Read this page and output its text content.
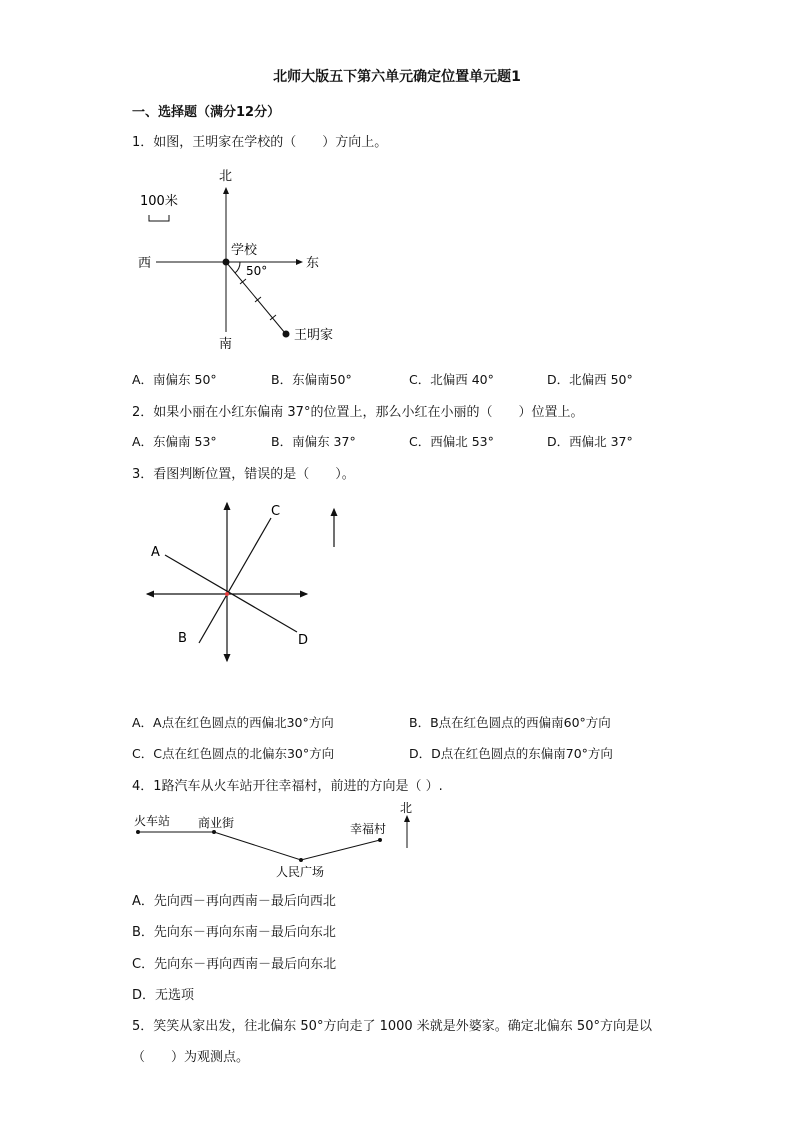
北师大版五下第六单元确定位置单元题1
一、选择题（满分12分）
1．如图，王明家在学校的（　　）方向上。
100米
北
南
东
西
学校
50°
王明家
A．南偏东 50°	B．东偏南50°	C．北偏西 40°	D．北偏西 50°
2．如果小丽在小红东偏南 37°的位置上，那么小红在小丽的（　　）位置上。
A．东偏南 53°	B．南偏东 37°	C．西偏北 53°	D．西偏北 37°
3．看图判断位置，错误的是（　　）。
A
B
C
D
A．A点在红色圆点的西偏北30°方向	B．B点在红色圆点的西偏南60°方向
C．C点在红色圆点的北偏东30°方向	D．D点在红色圆点的东偏南70°方向
4．1路汽车从火车站开往幸福村，前进的方向是（ ）.
火车站 商业街
人民广场
幸福村
北
A．先向西－再向西南－最后向西北
B．先向东－再向东南－最后向东北
C．先向东－再向西南－最后向东北
D．无选项
5．笑笑从家出发，往北偏东 50°方向走了 1000 米就是外婆家。确定北偏东 50°方向是以
（　　）为观测点。
